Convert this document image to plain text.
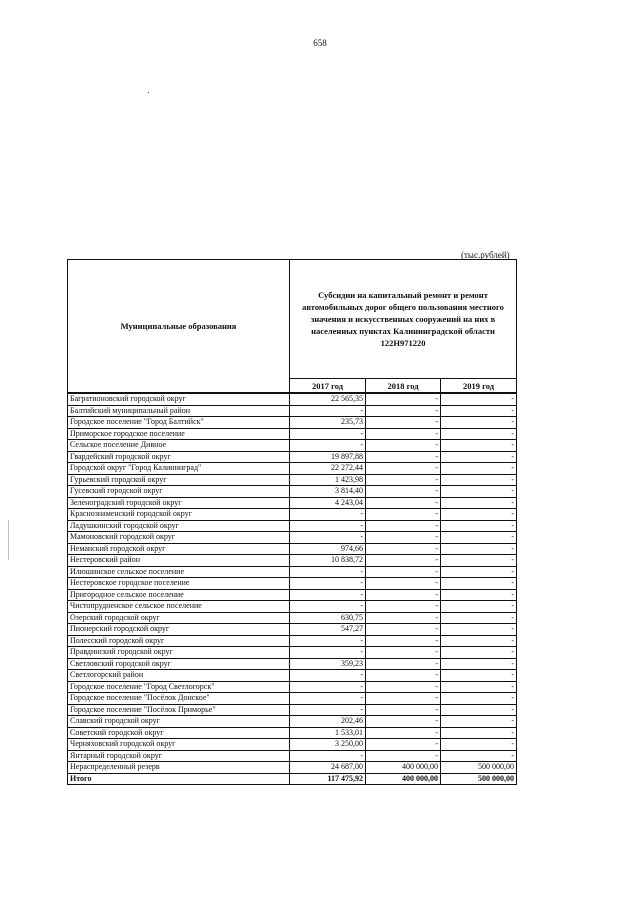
658
(тыс.рублей)
Муниципальные образования	Субсидии на капитальный ремонт и ремонт автомобильных дорог общего пользования местного значения и искусственных сооружений на них в населенных пунктах Калининградской области 122Н971220		
	2017 год	2018 год	2019 год
Багратионовский городской округ	22 565,35	-	-
Балтийский муниципальный район	-	-	-
Городское поселение "Город Балтийск"	235,73	-	-
Приморское городское поселение	-	-	-
Сельское поселение Дивное	-	-	-
Гвардейский городской округ	19 897,88	-	-
Городской округ "Город Калининград"	22 272,44	-	-
Гурьевский городской округ	1 423,98	-	-
Гусевский городской округ	3 814,40	-	-
Зеленоградский городской округ	4 243,04	-	-
Краснознаменский городской округ	-	-	-
Ладушкинский городской округ	-	-	-
Мамоновский городской округ	-	-	-
Неманский городской округ	974,66	-	-
Нестеровский район	10 838,72	-	-
Илюшинское сельское поселение	-	-	-
Нестеровское городское поселение	-	-	-
Пригородное сельское поселение	-	-	-
Чистопрудненское сельское поселение	-	-	-
Озерский городской округ	630,75	-	-
Пионерский городской округ	547,27	-	-
Полесский городской округ	-	-	-
Правдинский городской округ	-	-	-
Светловский городской округ	359,23	-	-
Светлогорский район	-	-	-
Городское поселение "Город Светлогорск"	-	-	-
Городское поселение "Посёлок Донское"	-	-	-
Городское поселение "Посёлок Приморье"	-	-	-
Славский городской округ	202,46	-	-
Советский городской округ	1 533,01	-	-
Черняховский городской округ	3 250,00	-	-
Янтарный городской округ	-	-	-
Нераспределенный резерв	24 687,00	400 000,00	500 000,00
Итого	117 475,92	400 000,00	500 000,00
